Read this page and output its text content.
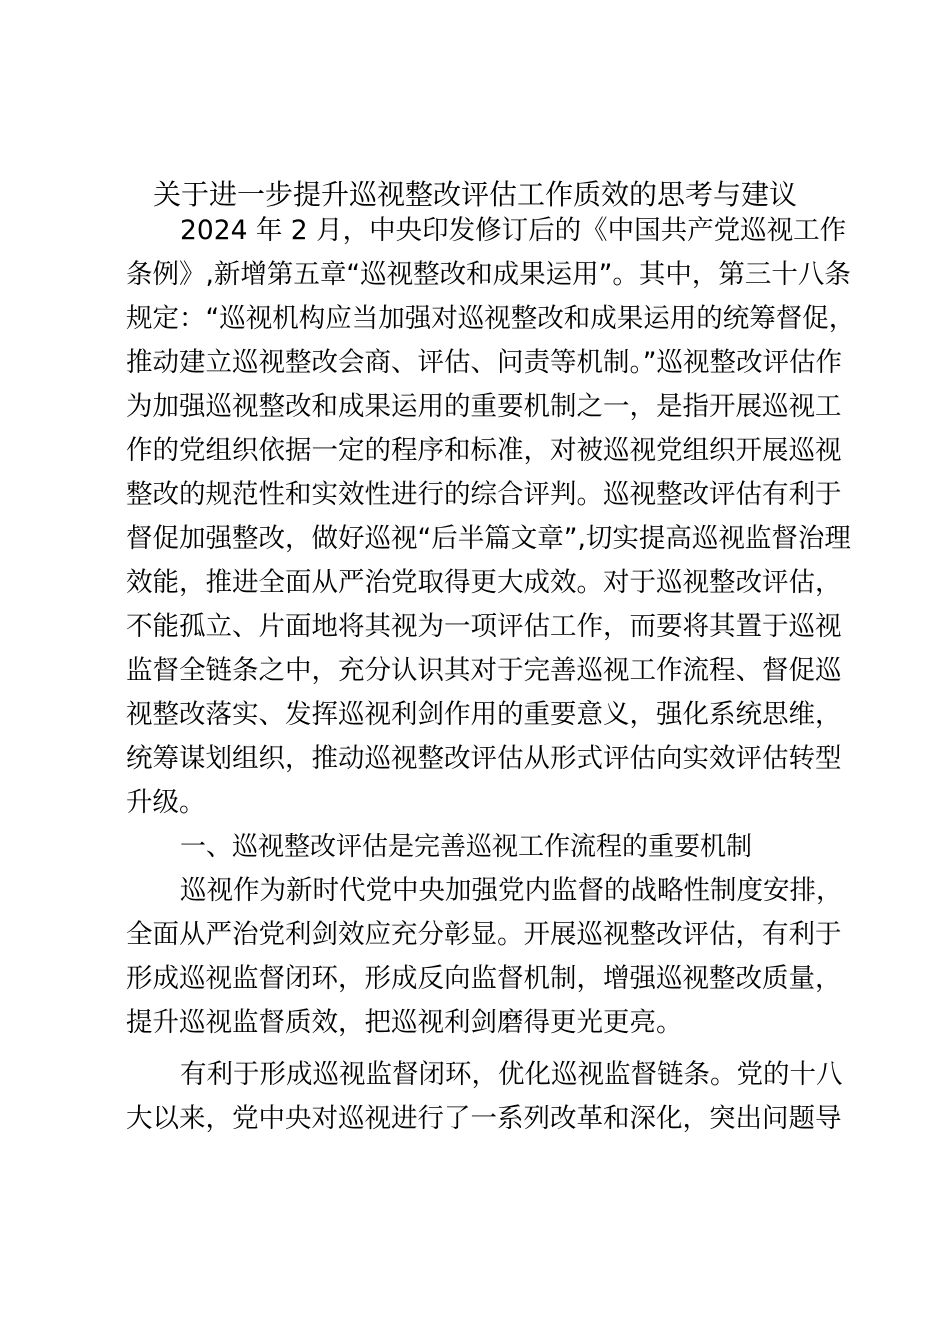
关于进一步提升巡视整改评估工作质效的思考与建议
2024 年 2 月，中央印发修订后的《中国共产党巡视工作
条例》,新增第五章“巡视整改和成果运用”。其中，第三十八条
规定：“巡视机构应当加强对巡视整改和成果运用的统筹督促，
推动建立巡视整改会商、评估、问责等机制。”巡视整改评估作
为加强巡视整改和成果运用的重要机制之一，是指开展巡视工
作的党组织依据一定的程序和标准，对被巡视党组织开展巡视
整改的规范性和实效性进行的综合评判。巡视整改评估有利于
督促加强整改，做好巡视“后半篇文章”,切实提高巡视监督治理
效能，推进全面从严治党取得更大成效。对于巡视整改评估，
不能孤立、片面地将其视为一项评估工作，而要将其置于巡视
监督全链条之中，充分认识其对于完善巡视工作流程、督促巡
视整改落实、发挥巡视利剑作用的重要意义，强化系统思维，
统筹谋划组织，推动巡视整改评估从形式评估向实效评估转型
升级。
一、巡视整改评估是完善巡视工作流程的重要机制
巡视作为新时代党中央加强党内监督的战略性制度安排，
全面从严治党利剑效应充分彰显。开展巡视整改评估，有利于
形成巡视监督闭环，形成反向监督机制，增强巡视整改质量，
提升巡视监督质效，把巡视利剑磨得更光更亮。
有利于形成巡视监督闭环，优化巡视监督链条。党的十八
大以来，党中央对巡视进行了一系列改革和深化，突出问题导
